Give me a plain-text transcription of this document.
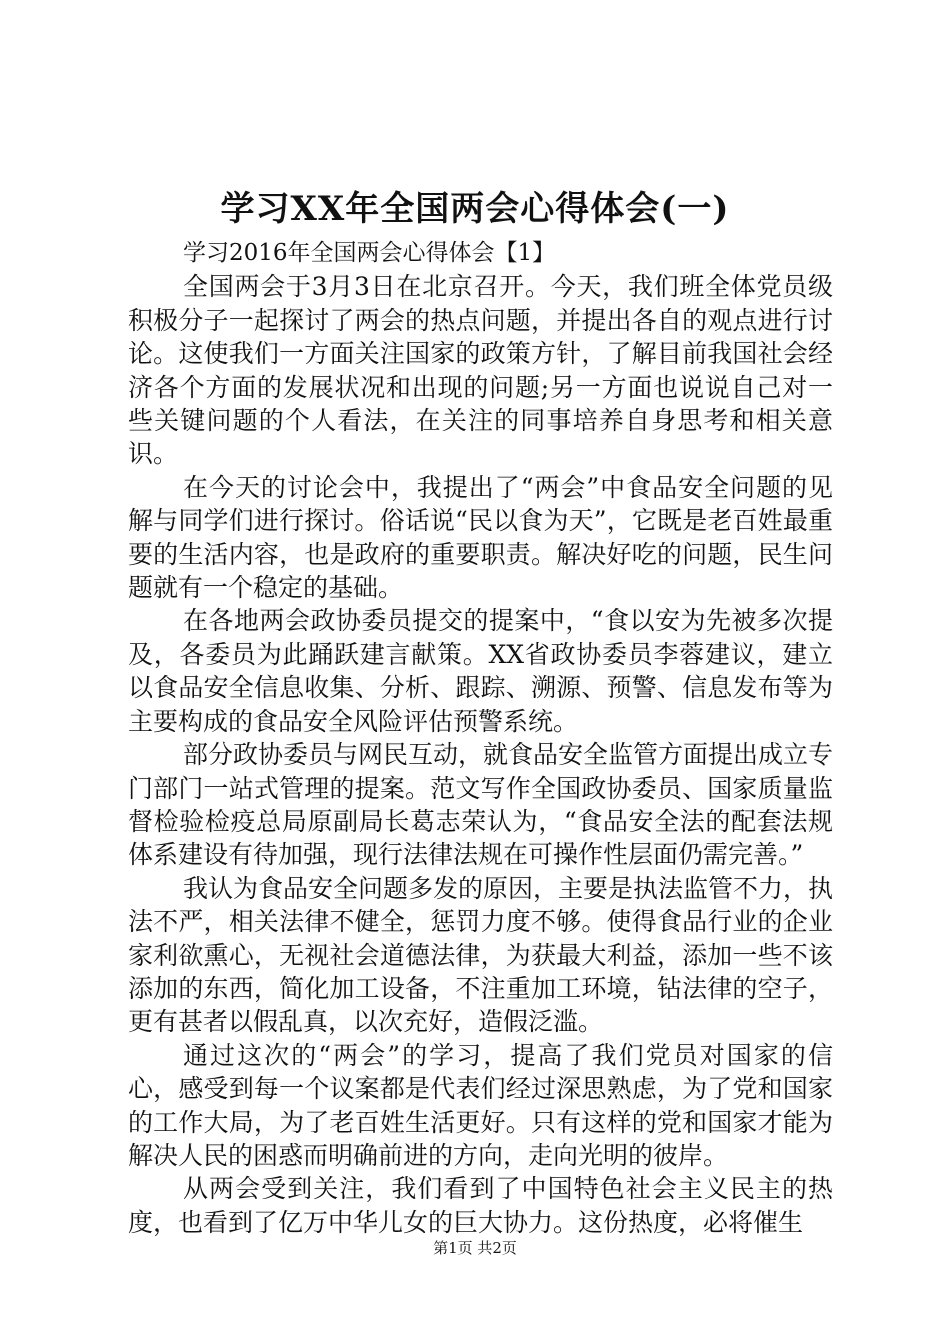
学习XX年全国两会心得体会(一)

学习2016年全国两会心得体会【1】

全国两会于3月3日在北京召开。今天，我们班全体党员级积极分子一起探讨了两会的热点问题，并提出各自的观点进行讨论。这使我们一方面关注国家的政策方针，了解目前我国社会经济各个方面的发展状况和出现的问题;另一方面也说说自己对一些关键问题的个人看法，在关注的同事培养自身思考和相关意识。

在今天的讨论会中，我提出了“两会”中食品安全问题的见解与同学们进行探讨。俗话说“民以食为天”，它既是老百姓最重要的生活内容，也是政府的重要职责。解决好吃的问题，民生问题就有一个稳定的基础。

在各地两会政协委员提交的提案中，“食以安为先被多次提及，各委员为此踊跃建言献策。XX省政协委员李蓉建议，建立以食品安全信息收集、分析、跟踪、溯源、预警、信息发布等为主要构成的食品安全风险评估预警系统。

部分政协委员与网民互动，就食品安全监管方面提出成立专门部门一站式管理的提案。范文写作全国政协委员、国家质量监督检验检疫总局原副局长葛志荣认为，“食品安全法的配套法规体系建设有待加强，现行法律法规在可操作性层面仍需完善。”

我认为食品安全问题多发的原因，主要是执法监管不力，执法不严，相关法律不健全，惩罚力度不够。使得食品行业的企业家利欲熏心，无视社会道德法律，为获最大利益，添加一些不该添加的东西，简化加工设备，不注重加工环境，钻法律的空子，更有甚者以假乱真，以次充好，造假泛滥。

通过这次的“两会”的学习，提高了我们党员对国家的信心，感受到每一个议案都是代表们经过深思熟虑，为了党和国家的工作大局，为了老百姓生活更好。只有这样的党和国家才能为解决人民的困惑而明确前进的方向，走向光明的彼岸。

从两会受到关注，我们看到了中国特色社会主义民主的热度，也看到了亿万中华儿女的巨大协力。这份热度，必将催生

第1页 共2页
